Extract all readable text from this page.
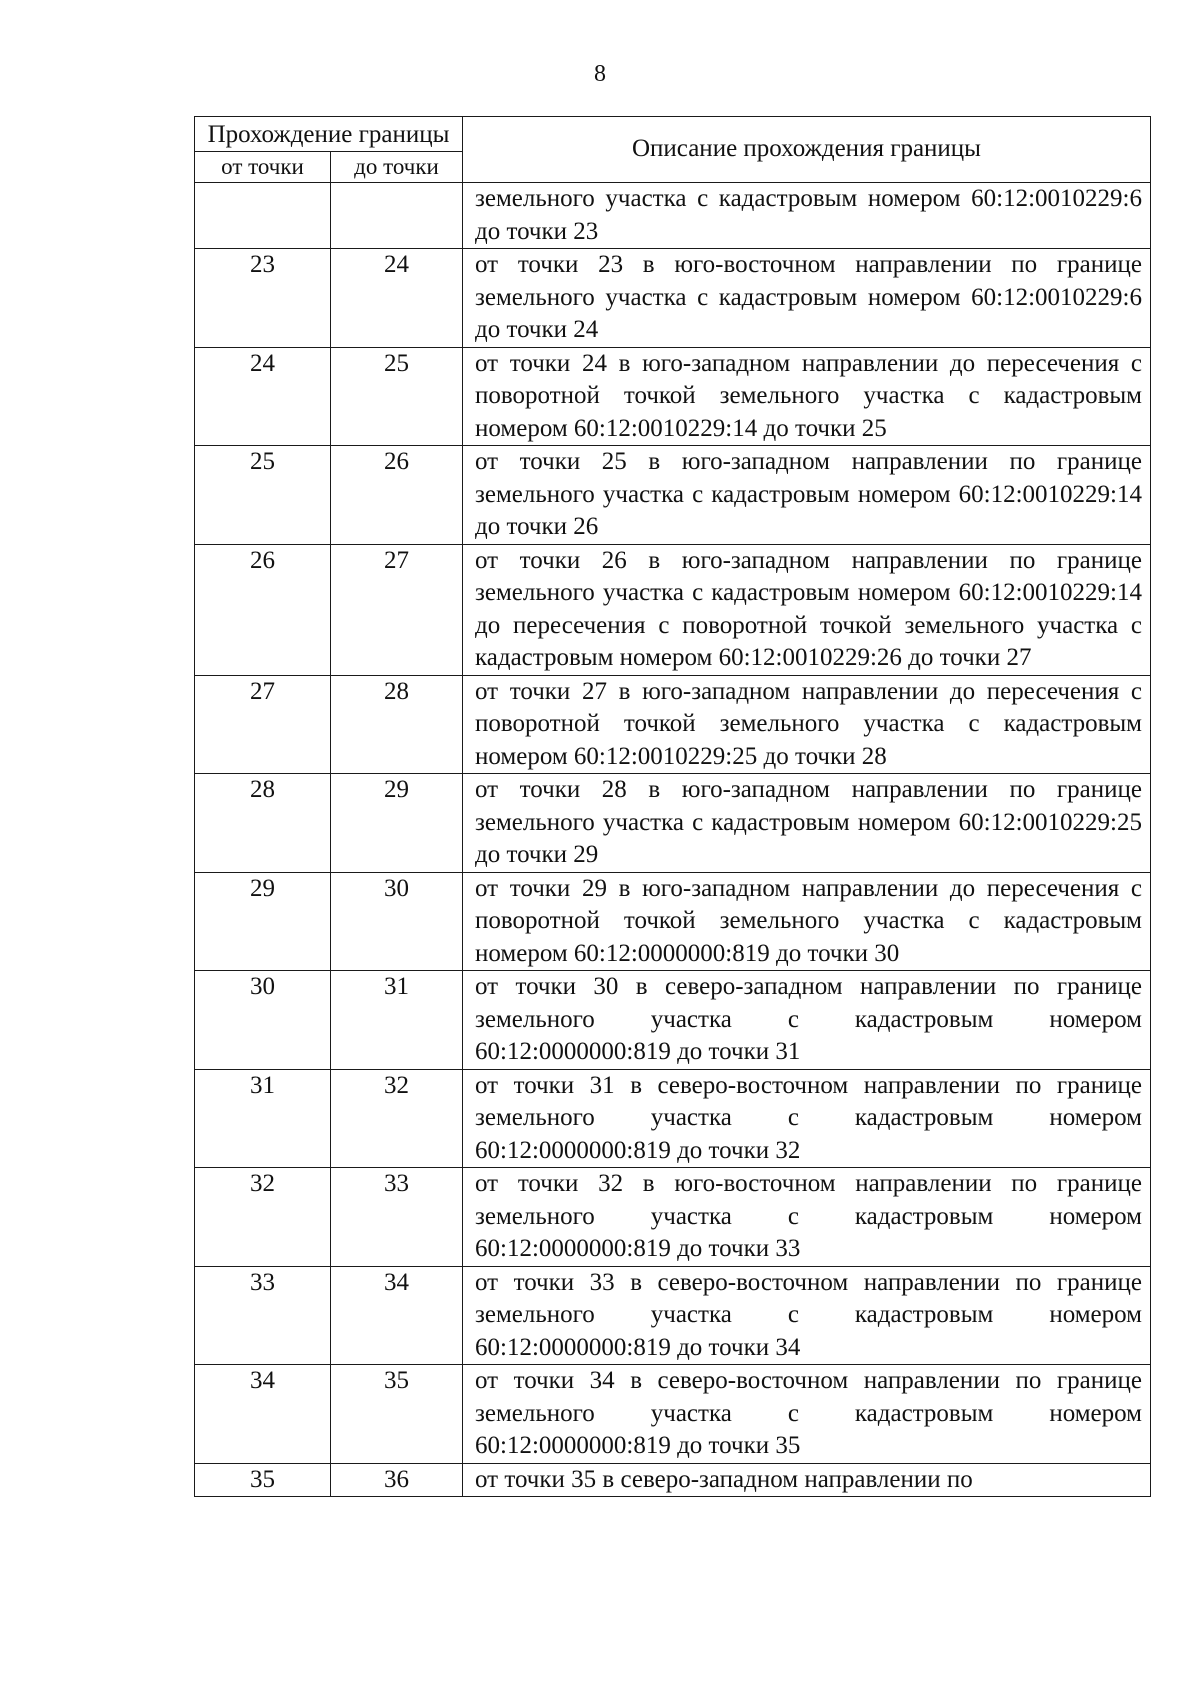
8
Прохождение границы		Описание прохождения границы
от точки	до точки	
		земельного участка с кадастровым номером 60:12:0010229:6 до точки 23
23	24	от точки 23 в юго-восточном направлении по границе земельного участка с кадастровым номером 60:12:0010229:6 до точки 24
24	25	от точки 24 в юго-западном направлении до пересечения с поворотной точкой земельного участка с кадастровым номером 60:12:0010229:14 до точки 25
25	26	от точки 25 в юго-западном направлении по границе земельного участка с кадастровым номером 60:12:0010229:14 до точки 26
26	27	от точки 26 в юго-западном направлении по границе земельного участка с кадастровым номером 60:12:0010229:14 до пересечения с поворотной точкой земельного участка с кадастровым номером 60:12:0010229:26 до точки 27
27	28	от точки 27 в юго-западном направлении до пересечения с поворотной точкой земельного участка с кадастровым номером 60:12:0010229:25 до точки 28
28	29	от точки 28 в юго-западном направлении по границе земельного участка с кадастровым номером 60:12:0010229:25 до точки 29
29	30	от точки 29 в юго-западном направлении до пересечения с поворотной точкой земельного участка с кадастровым номером 60:12:0000000:819 до точки 30
30	31	от точки 30 в северо-западном направлении по границе земельного участка с кадастровым номером 60:12:0000000:819 до точки 31
31	32	от точки 31 в северо-восточном направлении по границе земельного участка с кадастровым номером 60:12:0000000:819 до точки 32
32	33	от точки 32 в юго-восточном направлении по границе земельного участка с кадастровым номером 60:12:0000000:819 до точки 33
33	34	от точки 33 в северо-восточном направлении по границе земельного участка с кадастровым номером 60:12:0000000:819 до точки 34
34	35	от точки 34 в северо-восточном направлении по границе земельного участка с кадастровым номером 60:12:0000000:819 до точки 35
35	36	от точки 35 в северо-западном направлении по
